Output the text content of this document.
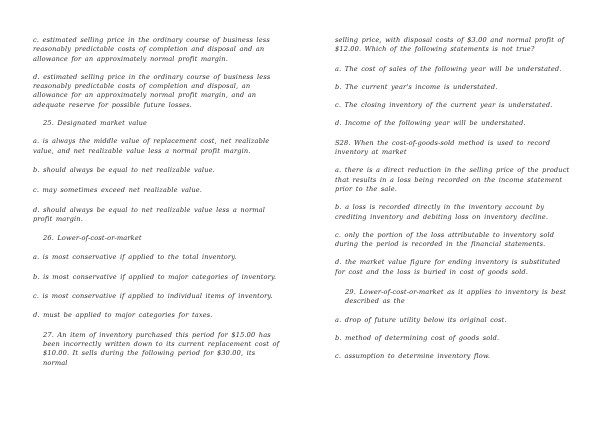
c. estimated selling price in the ordinary course of business less reasonably predictable costs of completion and disposal and an allowance for an approximately normal profit margin.

d. estimated selling price in the ordinary course of business less reasonably predictable costs of completion and disposal, an allowance for an approximately normal profit margin, and an adequate reserve for possible future losses.

25. Designated market value

a. is always the middle value of replacement cost, net realizable value, and net realizable value less a normal profit margin.

b. should always be equal to net realizable value.

c. may sometimes exceed net realizable value.

d. should always be equal to net realizable value less a normal profit margin.

26. Lower-of-cost-or-market

a. is most conservative if applied to the total inventory.

b. is most conservative if applied to major categories of inventory.

c. is most conservative if applied to individual items of inventory.

d. must be applied to major categories for taxes.

27. An item of inventory purchased this period for $15.00 has been incorrectly written down to its current replacement cost of $10.00. It sells during the following period for $30.00, its normal

selling price, with disposal costs of $3.00 and normal profit of $12.00. Which of the following statements is not true?

a. The cost of sales of the following year will be understated.

b. The current year's income is understated.

c. The closing inventory of the current year is understated.

d. Income of the following year will be understated.

S28. When the cost-of-goods-sold method is used to record inventory at market

a. there is a direct reduction in the selling price of the product that results in a loss being recorded on the income statement prior to the sale.

b. a loss is recorded directly in the inventory account by crediting inventory and debiting loss on inventory decline.

c. only the portion of the loss attributable to inventory sold during the period is recorded in the financial statements.

d. the market value figure for ending inventory is substituted for cost and the loss is buried in cost of goods sold.

29. Lower-of-cost-or-market as it applies to inventory is best described as the

a. drop of future utility below its original cost.

b. method of determining cost of goods sold.

c. assumption to determine inventory flow.
